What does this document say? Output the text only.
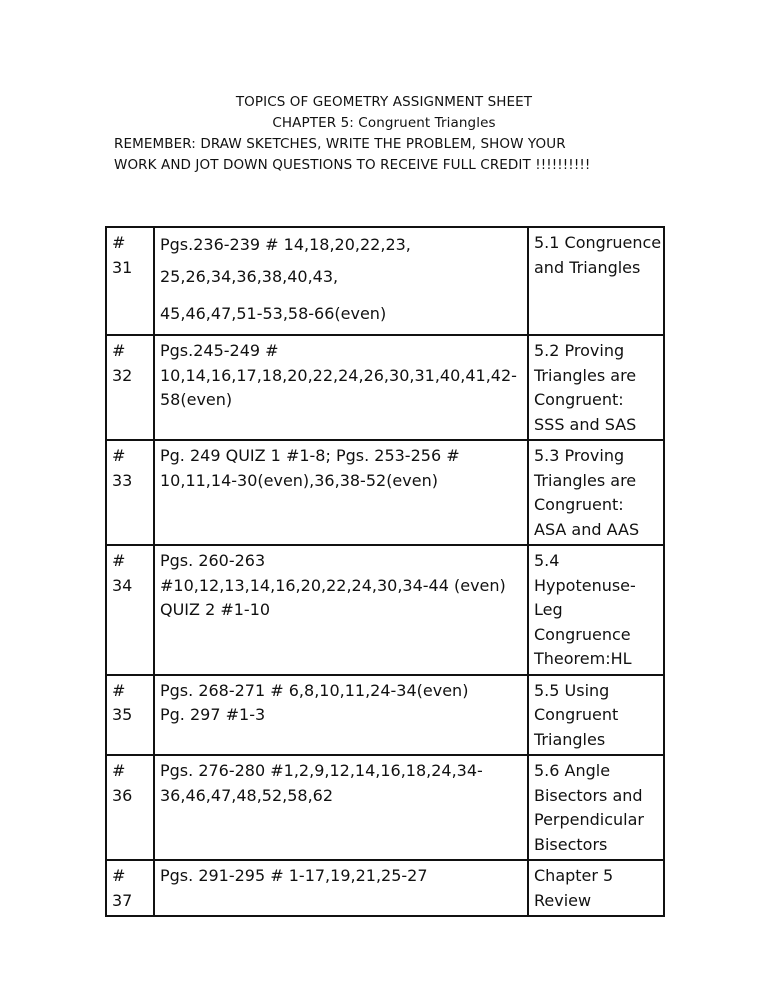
TOPICS OF GEOMETRY ASSIGNMENT SHEET
CHAPTER 5: Congruent Triangles
REMEMBER: DRAW SKETCHES, WRITE THE PROBLEM, SHOW YOUR
WORK AND JOT DOWN QUESTIONS TO RECEIVE FULL CREDIT !!!!!!!!!!
#
31	Pgs.236-239 # 14,18,20,22,23,
25,26,34,36,38,40,43,
45,46,47,51-53,58-66(even)	5.1 Congruence
and Triangles

#
32	Pgs.245-249 #
10,14,16,17,18,20,22,24,26,30,31,40,41,42-
58(even)	5.2 Proving
Triangles are
Congruent:
SSS and SAS

#
33	Pg. 249 QUIZ 1 #1-8; Pgs. 253-256 #
10,11,14-30(even),36,38-52(even)	5.3 Proving
Triangles are
Congruent:
ASA and AAS

#
34	Pgs. 260-263
#10,12,13,14,16,20,22,24,30,34-44 (even)
QUIZ 2 #1-10	5.4
Hypotenuse-
Leg
Congruence
Theorem:HL

#
35	Pgs. 268-271 # 6,8,10,11,24-34(even)
Pg. 297 #1-3	5.5 Using
Congruent
Triangles

#
36	Pgs. 276-280 #1,2,9,12,14,16,18,24,34-
36,46,47,48,52,58,62	5.6 Angle
Bisectors and
Perpendicular
Bisectors

#
37	Pgs. 291-295 # 1-17,19,21,25-27	Chapter 5
Review
